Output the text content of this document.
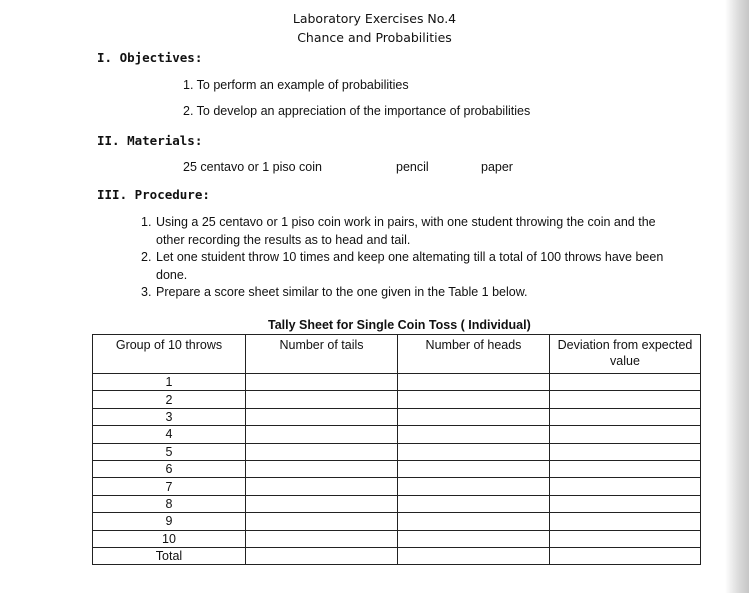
Laboratory Exercises No.4
Chance and Probabilities
I. Objectives:
1. To perform an example of probabilities
2. To develop an appreciation of the importance of probabilities
II. Materials:
25 centavo or 1 piso coin	pencil	paper
III. Procedure:
1. Using a 25 centavo or 1 piso coin work in pairs, with one student throwing the coin and the
other recording the results as to head and tail.
2. Let one stuident throw 10 times and keep one altemating till a total of 100 throws have been
done.
3. Prepare a score sheet similar to the one given in the Table 1 below.
Tally Sheet for Single Coin Toss ( Individual)
Group of 10 throws	Number of tails	Number of heads	Deviation from expected value
1			
2			
3			
4			
5			
6			
7			
8			
9			
10			
Total			
